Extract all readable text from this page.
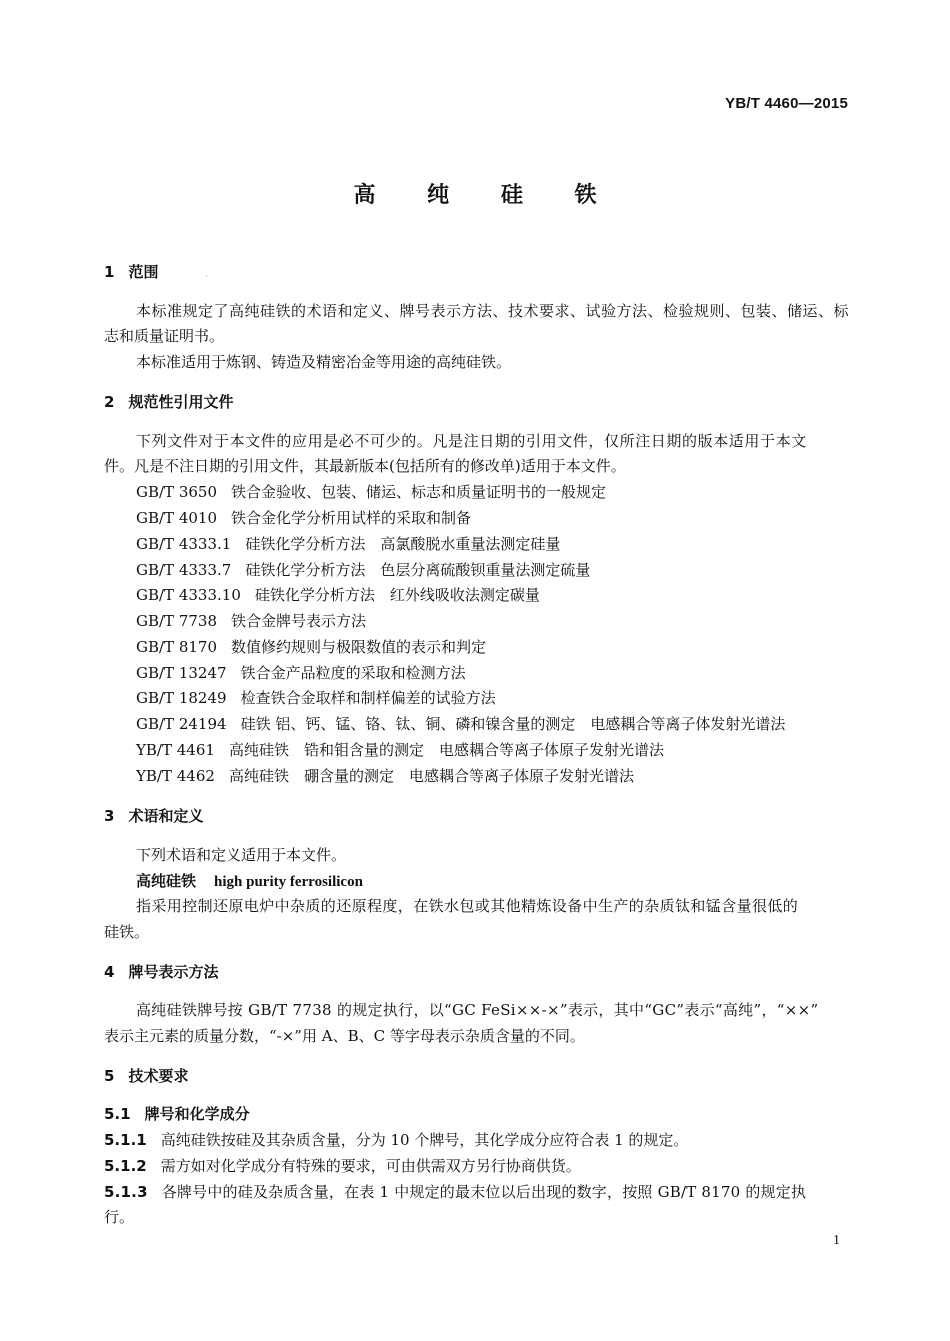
YB/T 4460—2015
高 纯 硅 铁
·
1 范围
本标准规定了高纯硅铁的术语和定义、牌号表示方法、技术要求、试验方法、检验规则、包装、储运、标
志和质量证明书。
本标准适用于炼钢、铸造及精密冶金等用途的高纯硅铁。
2 规范性引用文件
下列文件对于本文件的应用是必不可少的。凡是注日期的引用文件，仅所注日期的版本适用于本文
件。凡是不注日期的引用文件，其最新版本(包括所有的修改单)适用于本文件。
GB/T 3650 铁合金验收、包装、储运、标志和质量证明书的一般规定
GB/T 4010 铁合金化学分析用试样的采取和制备
GB/T 4333.1 硅铁化学分析方法　高氯酸脱水重量法测定硅量
GB/T 4333.7 硅铁化学分析方法　色层分离硫酸钡重量法测定硫量
GB/T 4333.10 硅铁化学分析方法　红外线吸收法测定碳量
GB/T 7738 铁合金牌号表示方法
GB/T 8170 数值修约规则与极限数值的表示和判定
GB/T 13247 铁合金产品粒度的采取和检测方法
GB/T 18249 检查铁合金取样和制样偏差的试验方法
GB/T 24194 硅铁 铝、钙、锰、铬、钛、铜、磷和镍含量的测定　电感耦合等离子体发射光谱法
YB/T 4461 高纯硅铁　锆和钼含量的测定　电感耦合等离子体原子发射光谱法
YB/T 4462 高纯硅铁　硼含量的测定　电感耦合等离子体原子发射光谱法
3 术语和定义
下列术语和定义适用于本文件。
高纯硅铁 high purity ferrosilicon
指采用控制还原电炉中杂质的还原程度，在铁水包或其他精炼设备中生产的杂质钛和锰含量很低的
硅铁。
4 牌号表示方法
高纯硅铁牌号按 GB/T 7738 的规定执行，以“GC FeSi××-×”表示，其中“GC”表示“高纯”，“××”
表示主元素的质量分数，“-×”用 A、B、C 等字母表示杂质含量的不同。
5 技术要求
5.1 牌号和化学成分
5.1.1 高纯硅铁按硅及其杂质含量，分为 10 个牌号，其化学成分应符合表 1 的规定。
5.1.2 需方如对化学成分有特殊的要求，可由供需双方另行协商供货。
5.1.3 各牌号中的硅及杂质含量，在表 1 中规定的最末位以后出现的数字，按照 GB/T 8170 的规定执
行。
1
